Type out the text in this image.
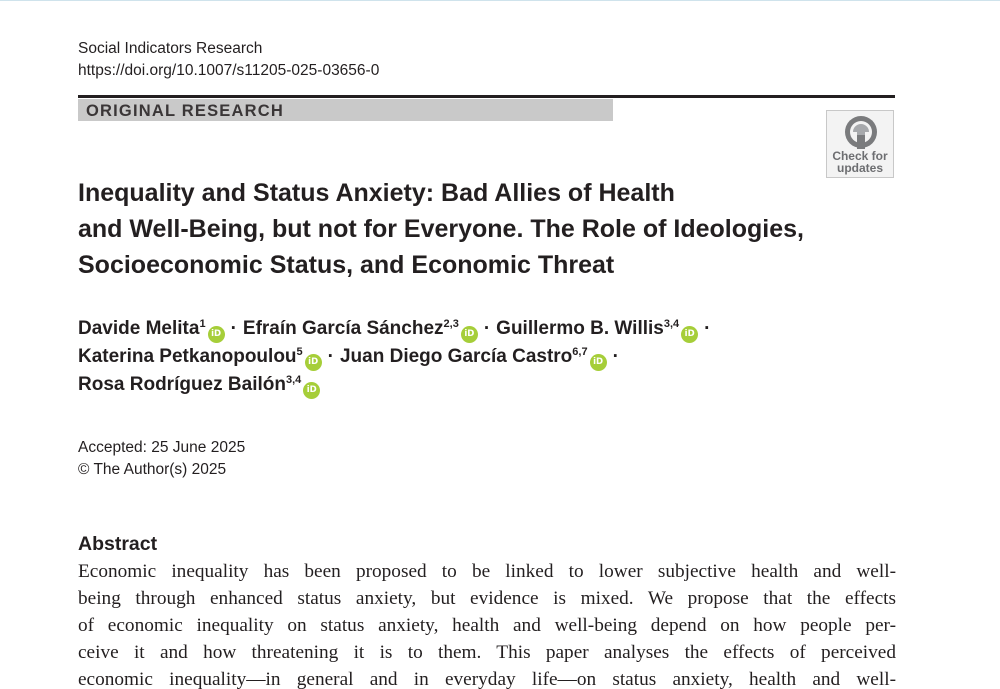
Social Indicators Research
https://doi.org/10.1007/s11205-025-03656-0
ORIGINAL RESEARCH
Check for
updates
Inequality and Status Anxiety: Bad Allies of Health
and Well-Being, but not for Everyone. The Role of Ideologies,
Socioeconomic Status, and Economic Threat
Davide Melita$^1$iD · Efraín García Sánchez$^{2,3}$iD · Guillermo B. Willis$^{3,4}$iD ·
Katerina Petkanopoulou$^5$iD · Juan Diego García Castro$^{6,7}$iD ·
Rosa Rodríguez Bailón$^{3,4}$iD
Accepted: 25 June 2025
© The Author(s) 2025
Abstract
Economic inequality has been proposed to be linked to lower subjective health and well-
being through enhanced status anxiety, but evidence is mixed. We propose that the effects
of economic inequality on status anxiety, health and well-being depend on how people per-
ceive it and how threatening it is to them. This paper analyses the effects of perceived
economic inequality—in general and in everyday life—on status anxiety, health and well-
